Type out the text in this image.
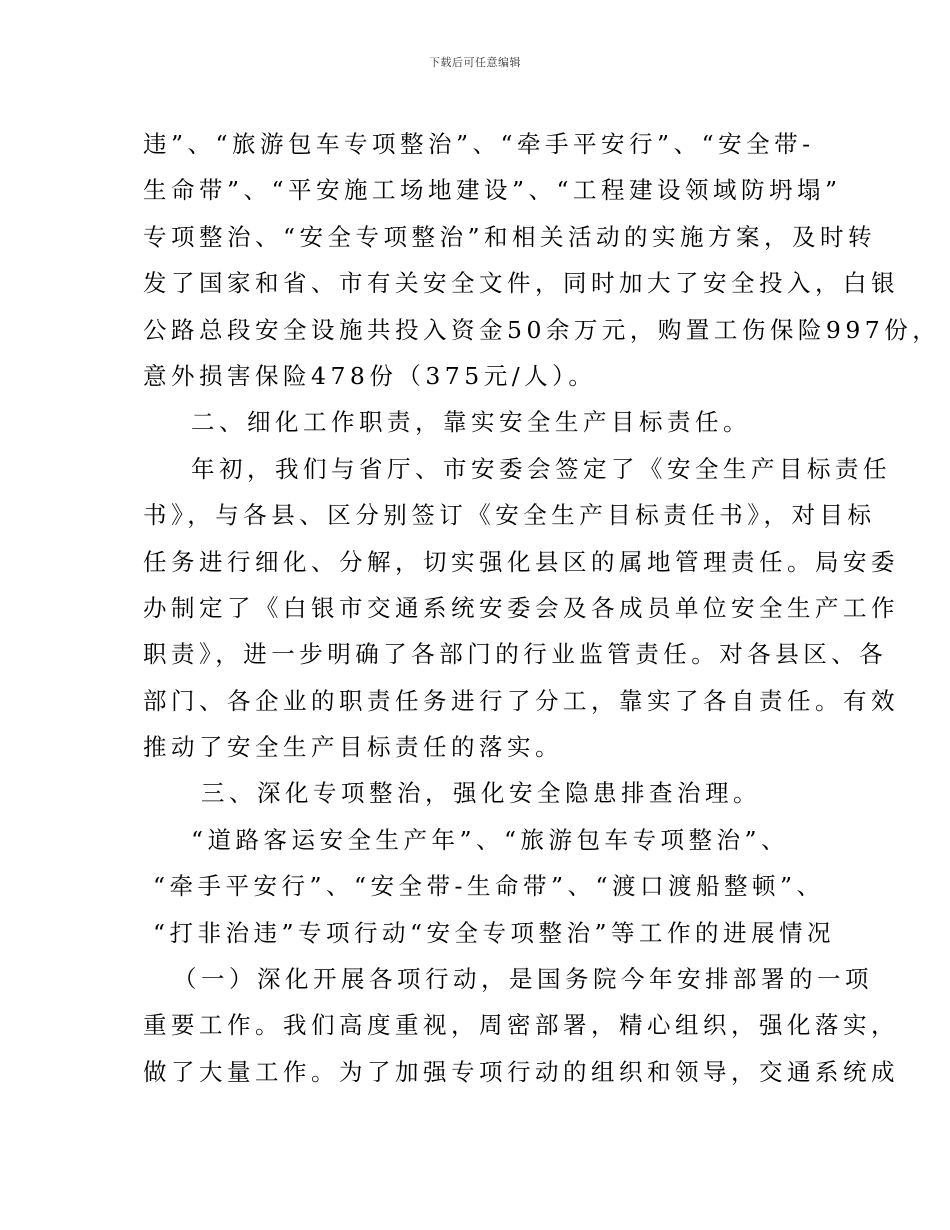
下载后可任意编辑
违”、“旅游包车专项整治”、“牵手平安行”、“安全带-
生命带”、“平安施工场地建设”、“工程建设领域防坍塌”
专项整治、“安全专项整治”和相关活动的实施方案，及时转
发了国家和省、市有关安全文件，同时加大了安全投入，白银
公路总段安全设施共投入资金50余万元，购置工伤保险997份，
意外损害保险478份（375元/人）。
二、细化工作职责，靠实安全生产目标责任。
年初，我们与省厅、市安委会签定了《安全生产目标责任
书》，与各县、区分别签订《安全生产目标责任书》，对目标
任务进行细化、分解，切实强化县区的属地管理责任。局安委
办制定了《白银市交通系统安委会及各成员单位安全生产工作
职责》，进一步明确了各部门的行业监管责任。对各县区、各
部门、各企业的职责任务进行了分工，靠实了各自责任。有效
推动了安全生产目标责任的落实。
三、深化专项整治，强化安全隐患排查治理。
“道路客运安全生产年”、“旅游包车专项整治”、
“牵手平安行”、“安全带-生命带”、“渡口渡船整顿”、
“打非治违”专项行动“安全专项整治”等工作的进展情况
（一）深化开展各项行动，是国务院今年安排部署的一项
重要工作。我们高度重视，周密部署，精心组织，强化落实，
做了大量工作。为了加强专项行动的组织和领导，交通系统成
